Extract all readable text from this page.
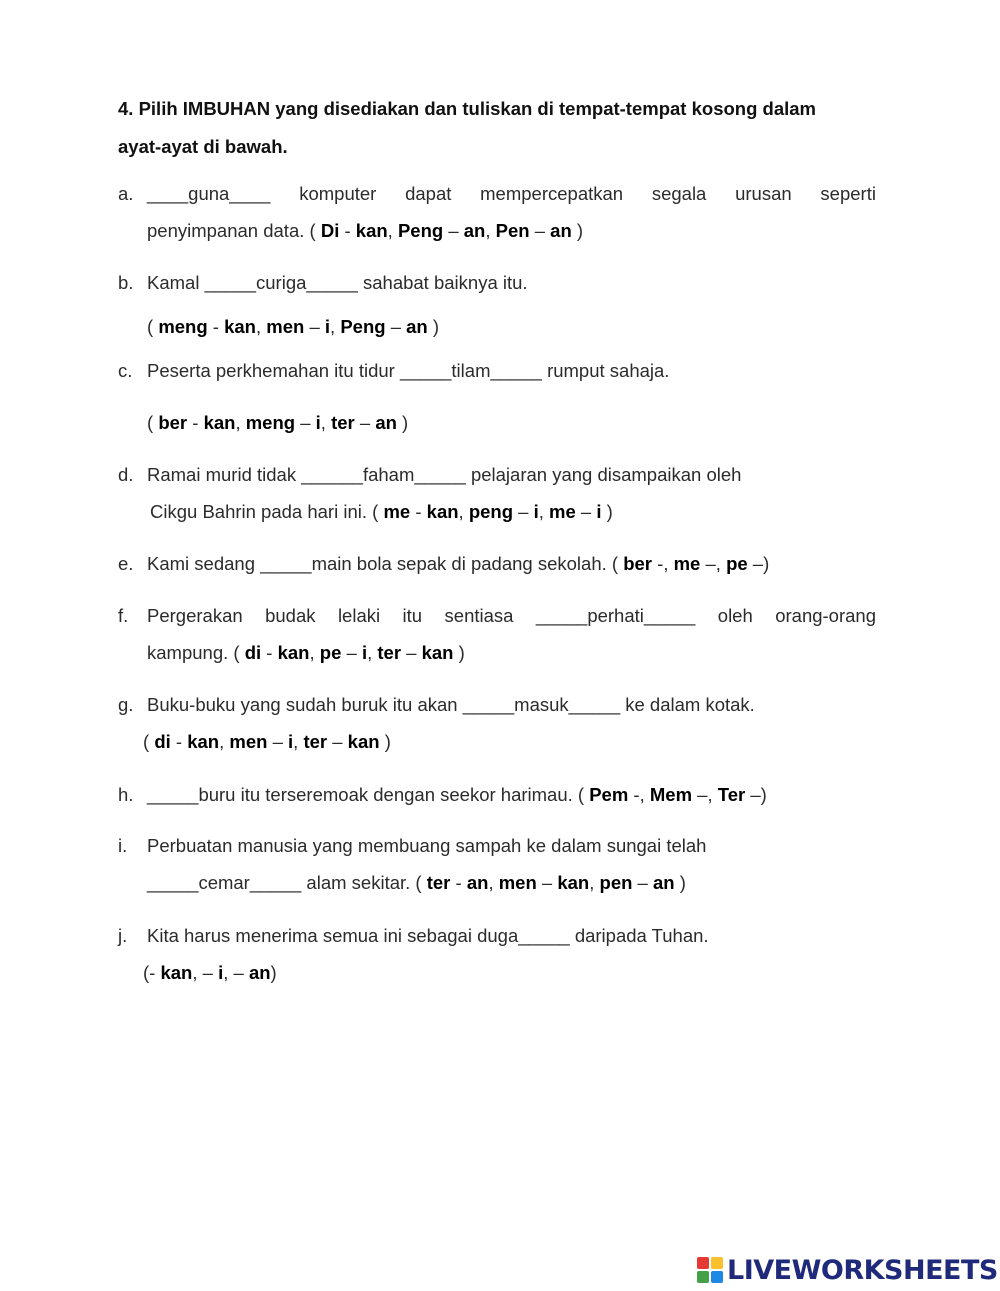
4. Pilih IMBUHAN yang disediakan dan tuliskan di tempat-tempat kosong dalam
ayat-ayat di bawah.
a. ____guna____ komputer dapat mempercepatkan segala urusan seperti
penyimpanan data. ( Di - kan, Peng – an, Pen – an )
b. Kamal _____curiga_____ sahabat baiknya itu.
( meng - kan, men – i, Peng – an )
c. Peserta perkhemahan itu tidur _____tilam_____ rumput sahaja.
( ber - kan, meng – i, ter – an )
d. Ramai murid tidak ______faham_____ pelajaran yang disampaikan oleh
Cikgu Bahrin pada hari ini. ( me - kan, peng – i, me – i )
e. Kami sedang _____main bola sepak di padang sekolah. ( ber -, me –, pe –)
f. Pergerakan budak lelaki itu sentiasa _____perhati_____ oleh orang-orang
kampung. ( di - kan, pe – i, ter – kan )
g. Buku-buku yang sudah buruk itu akan _____masuk_____ ke dalam kotak.
( di - kan, men – i, ter – kan )
h. _____buru itu terseremoak dengan seekor harimau. ( Pem -, Mem –, Ter –)
i. Perbuatan manusia yang membuang sampah ke dalam sungai telah
_____cemar_____ alam sekitar. ( ter - an, men – kan, pen – an )
j. Kita harus menerima semua ini sebagai duga_____ daripada Tuhan.
(- kan, – i, – an)
LIVEWORKSHEETS
